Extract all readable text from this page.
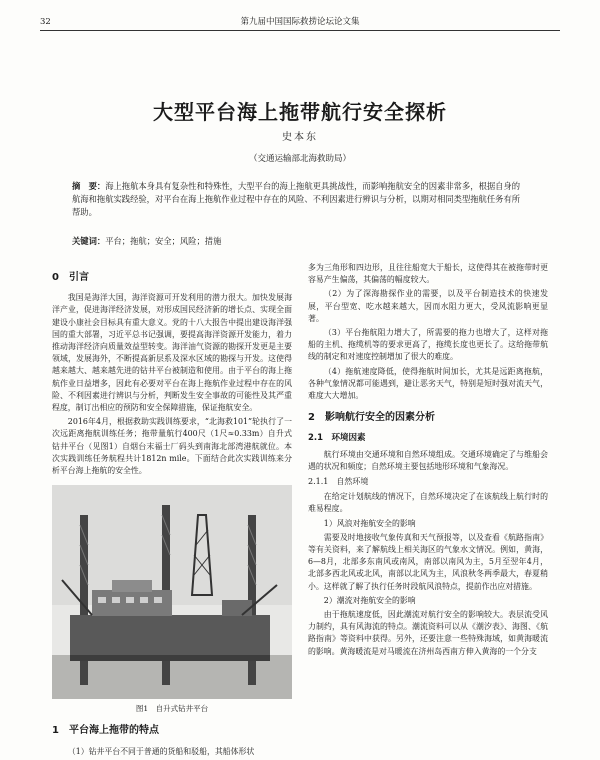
32	第九届中国国际救捞论坛论文集
大型平台海上拖带航行安全探析
史本东
（交通运输部北海救助局）
摘　要：海上拖航本身具有复杂性和特殊性，大型平台的海上拖航更具挑战性，而影响拖航安全的因素非常多，根据自身的航海和拖航实践经验，对平台在海上拖航作业过程中存在的风险、不利因素进行辨识与分析，以期对相同类型拖航任务有所帮助。
关键词：平台；拖航；安全；风险；措施
0　引言

我国是海洋大国，海洋资源可开发利用的潜力很大。加快发展海洋产业，促进海洋经济发展，对形成国民经济新的增长点、实现全面建设小康社会目标具有重大意义。党的十八大报告中提出建设海洋强国的重大部署，习近平总书记强调，要提高海洋资源开发能力，着力推动海洋经济向质量效益型转变。海洋油气资源的勘探开发更是主要领域，发展海外，不断提高新层系及深水区域的勘探与开发。这使得越来越大、越来越先进的钻井平台被制造和使用。由于平台的海上拖航作业日益增多，因此有必要对平台在海上拖航作业过程中存在的风险、不利因素进行辨识与分析，判断发生安全事故的可能性及其严重程度，制订出相应的预防和安全保障措施，保证拖航安全。

2016年4月，根据救助实践训练要求，“北海救101”轮执行了一次远距离拖航训练任务；拖带量航行400尺（1尺≈0.33m）自升式钻井平台（见图1）自烟台末福士厂码头到南海北部湾港航就位。本次实践训练任务航程共计1812n mile。下面结合此次实践训练来分析平台海上拖航的安全性。

图1　自升式钻井平台
1　平台海上拖带的特点

（1）钻井平台不同于普通的货船和驳船，其船体形状

多为三角形和四边形，且往往船宽大于船长，这使得其在被拖带时更容易产生偏荡，其偏荡的幅度较大。

（2）为了深海勘探作业的需要，以及平台制造技术的快速发展，平台型宽、吃水越来越大，因而水阻力更大，受风流影响更显著。

（3）平台拖航阻力增大了，所需要的拖力也增大了，这样对拖船的主机、拖缆机等的要求更高了，拖缆长度也更长了。这给拖带航线的制定和对速度控制增加了很大的难度。

（4）拖航速度降低，使得拖航时间加长，尤其是远距离拖航，各种气象情况都可能遇到，避让恶劣天气，特别是短时强对流天气，难度大大增加。

2　影响航行安全的因素分析
2.1　环境因素

航行环境由交通环境和自然环境组成。交通环境确定了与维船会遇的状况和频度；自然环境主要包括地形环境和气象海况。

2.1.1　自然环境

在给定计划航线的情况下，自然环境决定了在该航线上航行时的难易程度。

1）风浪对拖航安全的影响

需要及时地接收气象传真和天气预报等，以及查看《航路指南》等有关资料，来了解航线上相关海区的气象水文情况。例如，黄海，6—8月，北部多东南风或南风，南部以南风为主，5月至翌年4月，北部多西北风或北风，南部以北风为主，风浪秋冬两季最大，春夏稍小。这样就了解了执行任务时段航风浪特点，提前作出应对措施。

2）潮流对拖航安全的影响

由于拖航速度低，因此潮流对航行安全的影响较大。表层流受风力制约，具有风海流的特点。潮流资料可以从《潮汐表》、海图、《航路指南》等资料中获得。另外，还要注意一些特殊海域，如黄海暖流的影响。黄海暖流是对马暖流在济州岛西南方伸入黄海的一个分支
